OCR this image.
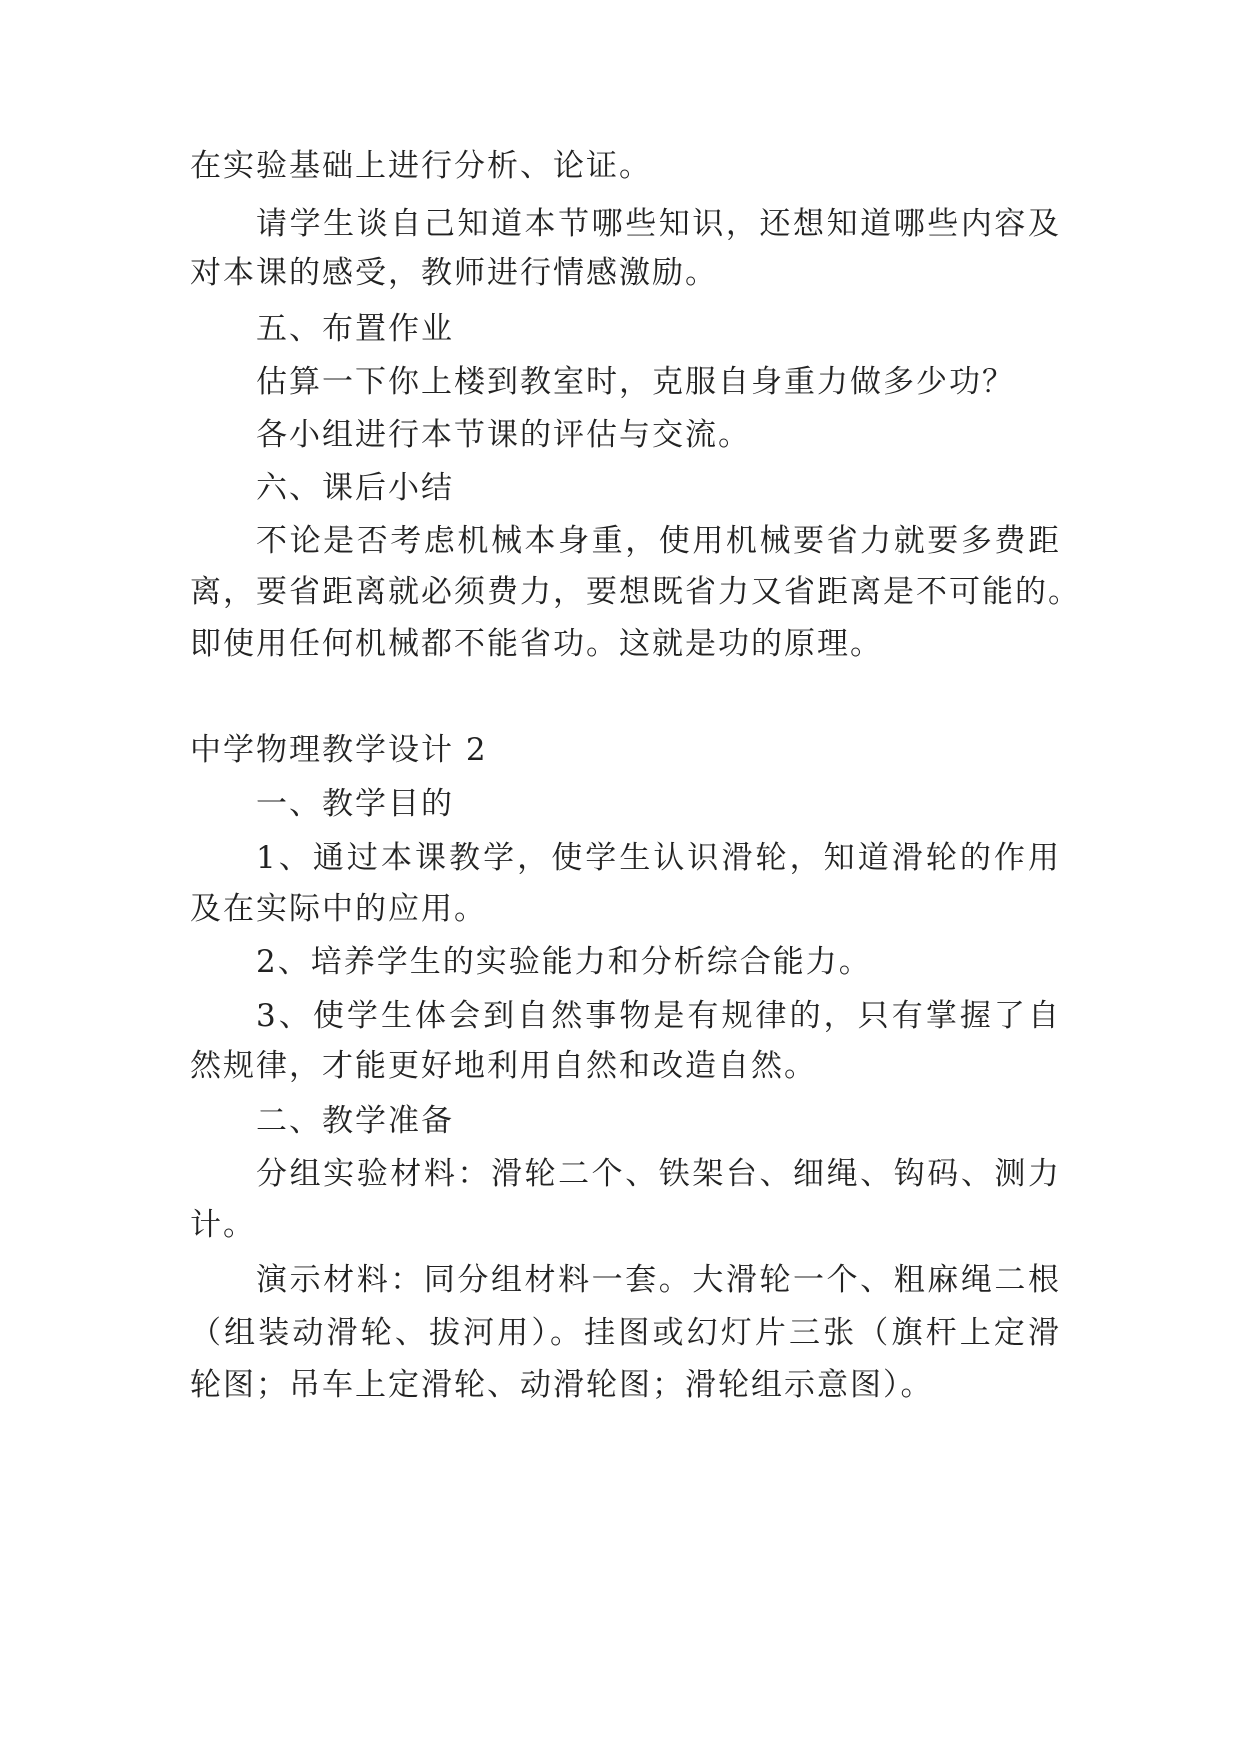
在实验基础上进行分析、论证。
请学生谈自己知道本节哪些知识，还想知道哪些内容及
对本课的感受，教师进行情感激励。
五、布置作业
估算一下你上楼到教室时，克服自身重力做多少功？
各小组进行本节课的评估与交流。
六、课后小结
不论是否考虑机械本身重，使用机械要省力就要多费距
离，要省距离就必须费力，要想既省力又省距离是不可能的。
即使用任何机械都不能省功。这就是功的原理。
中学物理教学设计 2
一、教学目的
1、通过本课教学，使学生认识滑轮，知道滑轮的作用
及在实际中的应用。
2、培养学生的实验能力和分析综合能力。
3、使学生体会到自然事物是有规律的，只有掌握了自
然规律，才能更好地利用自然和改造自然。
二、教学准备
分组实验材料：滑轮二个、铁架台、细绳、钩码、测力
计。
演示材料：同分组材料一套。大滑轮一个、粗麻绳二根
（组装动滑轮、拔河用）。挂图或幻灯片三张（旗杆上定滑
轮图；吊车上定滑轮、动滑轮图；滑轮组示意图）。
